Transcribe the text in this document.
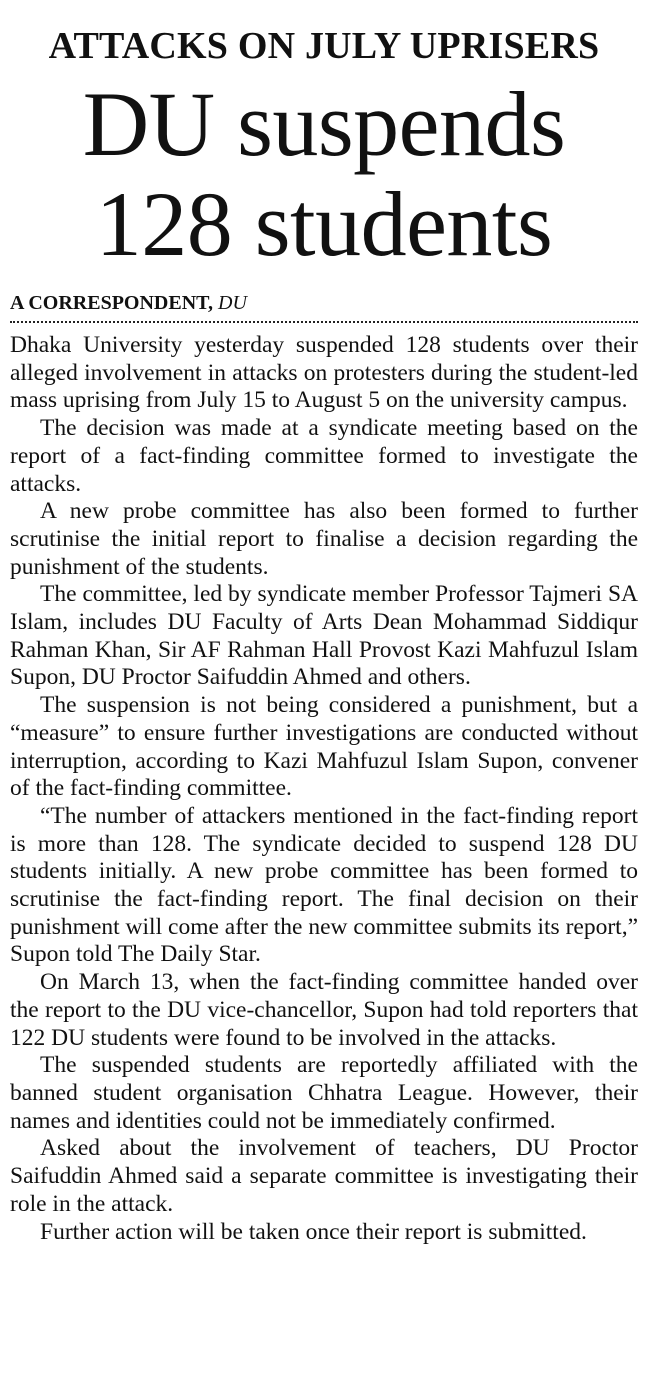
ATTACKS ON JULY UPRISERS
DU suspends
128 students
A CORRESPONDENT, DU

Dhaka University yesterday suspended 128 students over their alleged involvement in attacks on protesters during the student-led mass uprising from July 15 to August 5 on the university campus.

The decision was made at a syndicate meeting based on the report of a fact-finding committee formed to investigate the attacks.

A new probe committee has also been formed to further scrutinise the initial report to finalise a decision regarding the punishment of the students.

The committee, led by syndicate member Professor Tajmeri SA Islam, includes DU Faculty of Arts Dean Mohammad Siddiqur Rahman Khan, Sir AF Rahman Hall Provost Kazi Mahfuzul Islam Supon, DU Proctor Saifuddin Ahmed and others.

The suspension is not being considered a punishment, but a “measure” to ensure further investigations are conducted without interruption, according to Kazi Mahfuzul Islam Supon, convener of the fact-finding committee.

“The number of attackers mentioned in the fact-finding report is more than 128. The syndicate decided to suspend 128 DU students initially. A new probe committee has been formed to scrutinise the fact-finding report. The final decision on their punishment will come after the new committee submits its report,” Supon told The Daily Star.

On March 13, when the fact-finding committee handed over the report to the DU vice-chancellor, Supon had told reporters that 122 DU students were found to be involved in the attacks.

The suspended students are reportedly affiliated with the banned student organisation Chhatra League. However, their names and identities could not be immediately confirmed.

Asked about the involvement of teachers, DU Proctor Saifuddin Ahmed said a separate committee is investigating their role in the attack.

Further action will be taken once their report is submitted.
